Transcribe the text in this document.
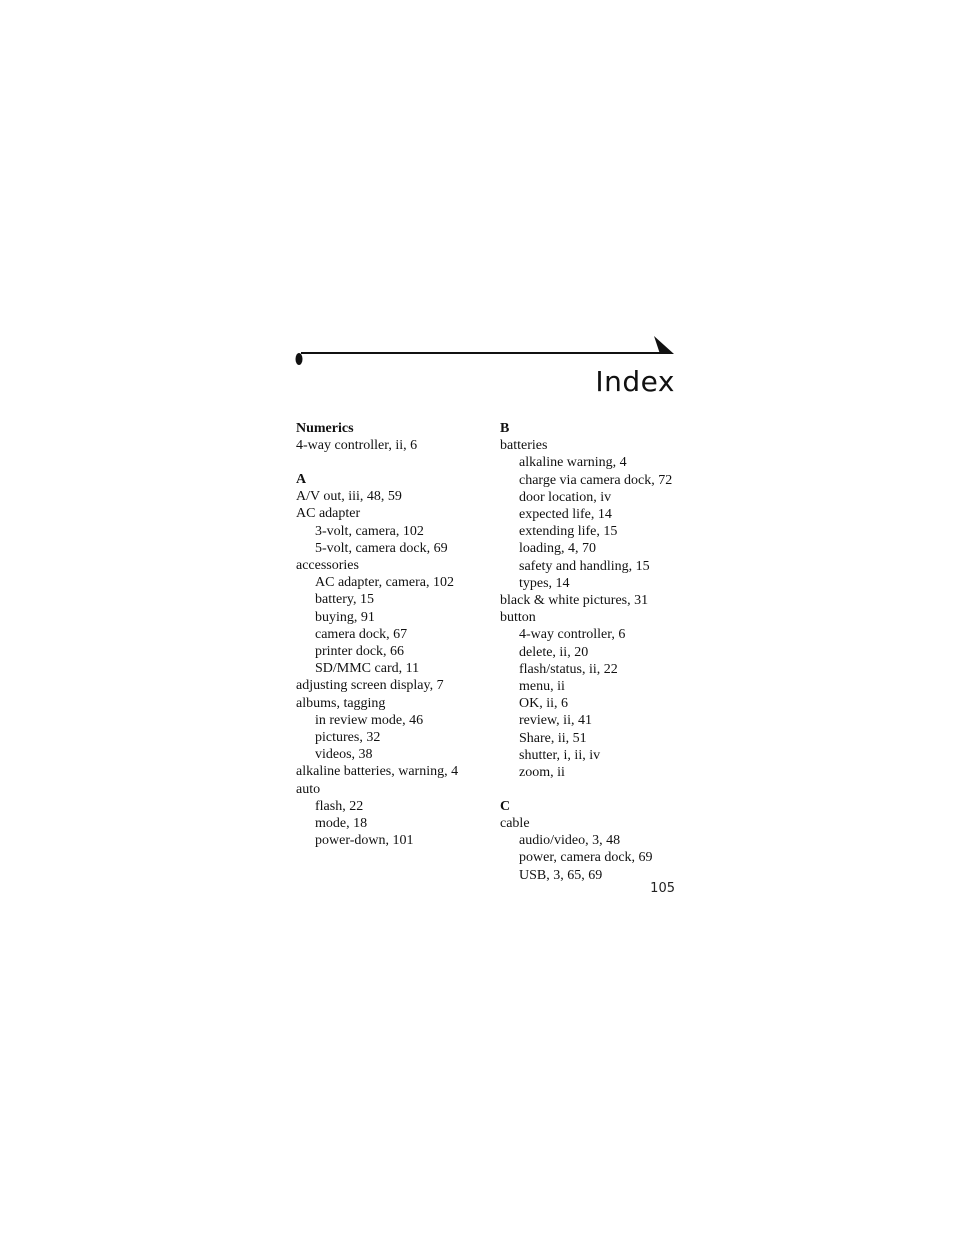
Index
Numerics
4-way controller, ii, 6
A
A/V out, iii, 48, 59
AC adapter
3-volt, camera, 102
5-volt, camera dock, 69
accessories
AC adapter, camera, 102
battery, 15
buying, 91
camera dock, 67
printer dock, 66
SD/MMC card, 11
adjusting screen display, 7
albums, tagging
in review mode, 46
pictures, 32
videos, 38
alkaline batteries, warning, 4
auto
flash, 22
mode, 18
power-down, 101
B
batteries
alkaline warning, 4
charge via camera dock, 72
door location, iv
expected life, 14
extending life, 15
loading, 4, 70
safety and handling, 15
types, 14
black & white pictures, 31
button
4-way controller, 6
delete, ii, 20
flash/status, ii, 22
menu, ii
OK, ii, 6
review, ii, 41
Share, ii, 51
shutter, i, ii, iv
zoom, ii
C
cable
audio/video, 3, 48
power, camera dock, 69
USB, 3, 65, 69
105
